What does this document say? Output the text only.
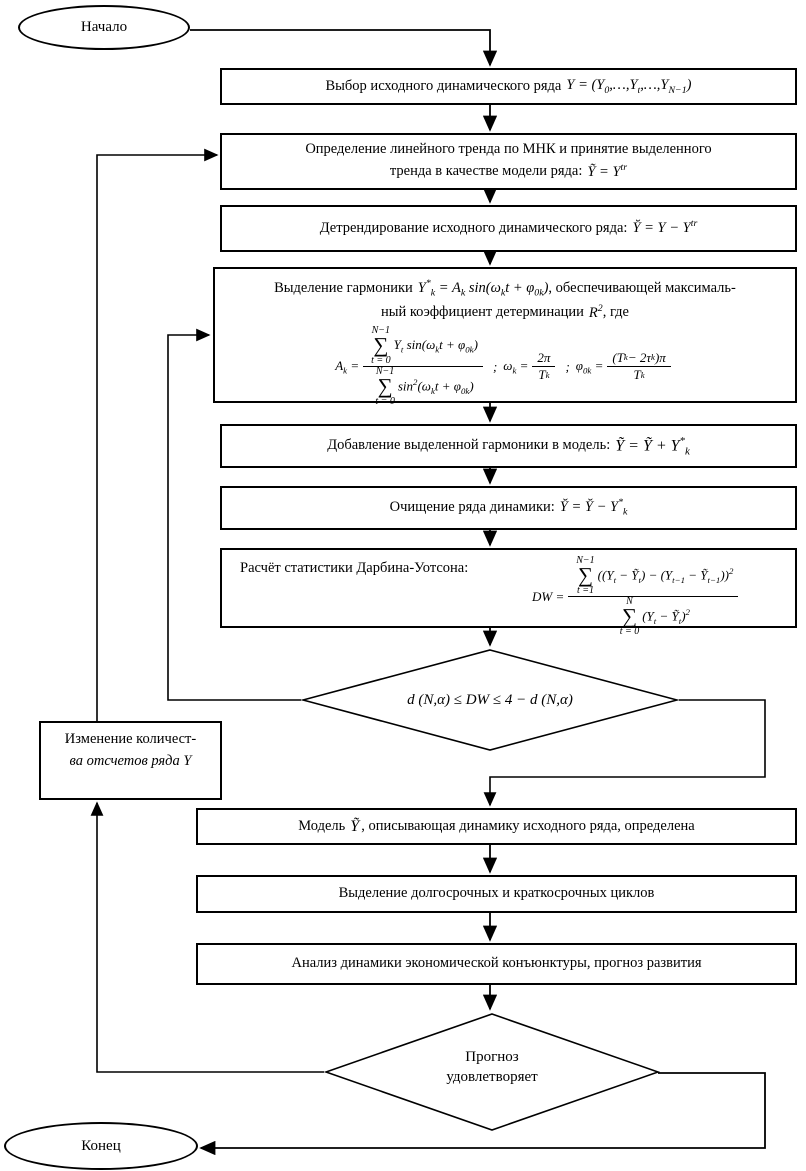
Начало
Выбор исходного динамического ряда $Y = (Y_0,\dots,Y_t,\dots,Y_{N-1})$
Определение линейного тренда по МНК и принятие выделенного
тренда в качестве модели ряда: Ỹ = $Y^{tr}$
Детрендирование исходного динамического ряда: Y̆ = $Y - Y^{tr}$
Выделение гармоники $Y^*_k = A_k$ $\sin(\omega_kt + \varphi_{0k})$ , обеспечивающей максималь-
ный коэффициент детерминации $R^2$ , где
$A_k = N-1$
∑
t = 0
$Y_t$ $\sin(\omega_kt + \varphi_{0k})$
N−1
∑
t = 0
$\sin^2(\omega_kt + \varphi_{0k})$ ; $\omega_k = \frac{2\pi}{\text{T k}}$ ; $\varphi_{0k} = \frac{\text{(T k − 2τ k )π}}{\text{T k}}$
Добавление выделенной гармоники в модель: Ỹ = Ỹ + $Y^*_k$
Очищение ряда динамики: Y̆ = Y̆ − $Y^*_k$
Расчёт статистики Дарбина-Уотсона:
DW = N−1
∑
t =1
(($Y_t$ − Ỹ$_t$) − ($Y_{t-1}$ − Ỹ$_{t-1}$))$^2$
N
∑
t = 0
($Y_t$ − Ỹ$_t$)$^2$
d (N,α) ≤ DW ≤ 4 − d (N,α)
Изменение количест-
ва отсчетов ряда Y
Модель Ỹ , описывающая динамику исходного ряда, определена
Выделение долгосрочных и краткосрочных циклов
Анализ динамики экономической конъюнктуры, прогноз развития
Прогноз
удовлетворяет
Конец
